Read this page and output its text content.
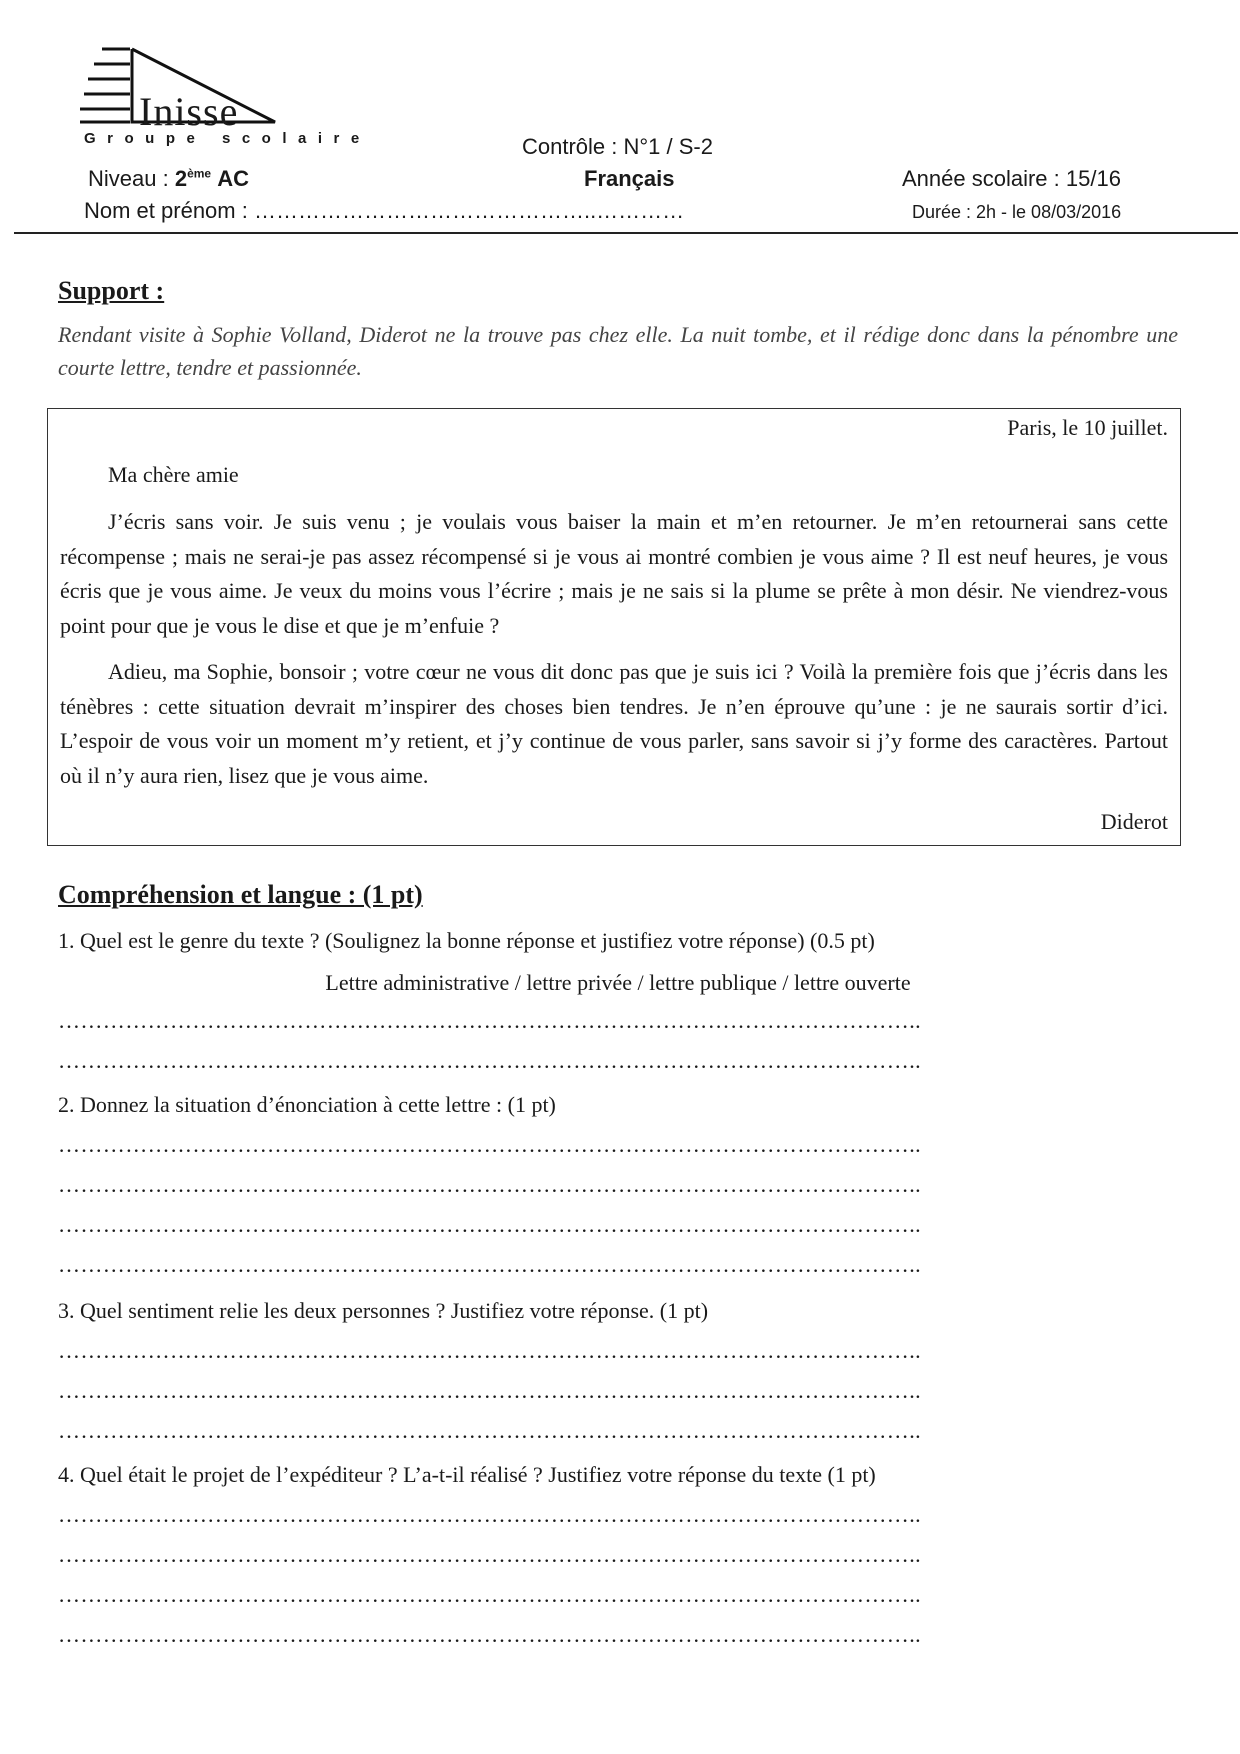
Inisse
Groupe scolaire	Contrôle : N°1 / S-2
Niveau : 2ème AC	Français	Année scolaire : 15/16
Nom et prénom : ………………………………………..…………	Durée : 2h - le 08/03/2016
Support :
Rendant visite à Sophie Volland, Diderot ne la trouve pas chez elle. La nuit tombe, et il rédige donc dans la pénombre une courte lettre, tendre et passionnée.
Paris, le 10 juillet.
Ma chère amie

J’écris sans voir. Je suis venu ; je voulais vous baiser la main et m’en retourner. Je m’en retournerai sans cette récompense ; mais ne serai-je pas assez récompensé si je vous ai montré combien je vous aime ? Il est neuf heures, je vous écris que je vous aime. Je veux du moins vous l’écrire ; mais je ne sais si la plume se prête à mon désir. Ne viendrez-vous point pour que je vous le dise et que je m’enfuie ?

Adieu, ma Sophie, bonsoir ; votre cœur ne vous dit donc pas que je suis ici ? Voilà la première fois que j’écris dans les ténèbres : cette situation devrait m’inspirer des choses bien tendres. Je n’en éprouve qu’une : je ne saurais sortir d’ici. L’espoir de vous voir un moment m’y retient, et j’y continue de vous parler, sans savoir si j’y forme des caractères. Partout où il n’y aura rien, lisez que je vous aime.

Diderot
Compréhension et langue : (1 pt)
1. Quel est le genre du texte ? (Soulignez la bonne réponse et justifiez votre réponse) (0.5 pt)
Lettre administrative / lettre privée / lettre publique / lettre ouverte
……………………………………………………………………………………………………..
……………………………………………………………………………………………………..
2. Donnez la situation d’énonciation à cette lettre : (1 pt)
……………………………………………………………………………………………………..
……………………………………………………………………………………………………..
……………………………………………………………………………………………………..
……………………………………………………………………………………………………..
3. Quel sentiment relie les deux personnes ? Justifiez votre réponse. (1 pt)
……………………………………………………………………………………………………..
……………………………………………………………………………………………………..
……………………………………………………………………………………………………..
4. Quel était le projet de l’expéditeur ? L’a-t-il réalisé ? Justifiez votre réponse du texte (1 pt)
……………………………………………………………………………………………………..
……………………………………………………………………………………………………..
……………………………………………………………………………………………………..
……………………………………………………………………………………………………..
